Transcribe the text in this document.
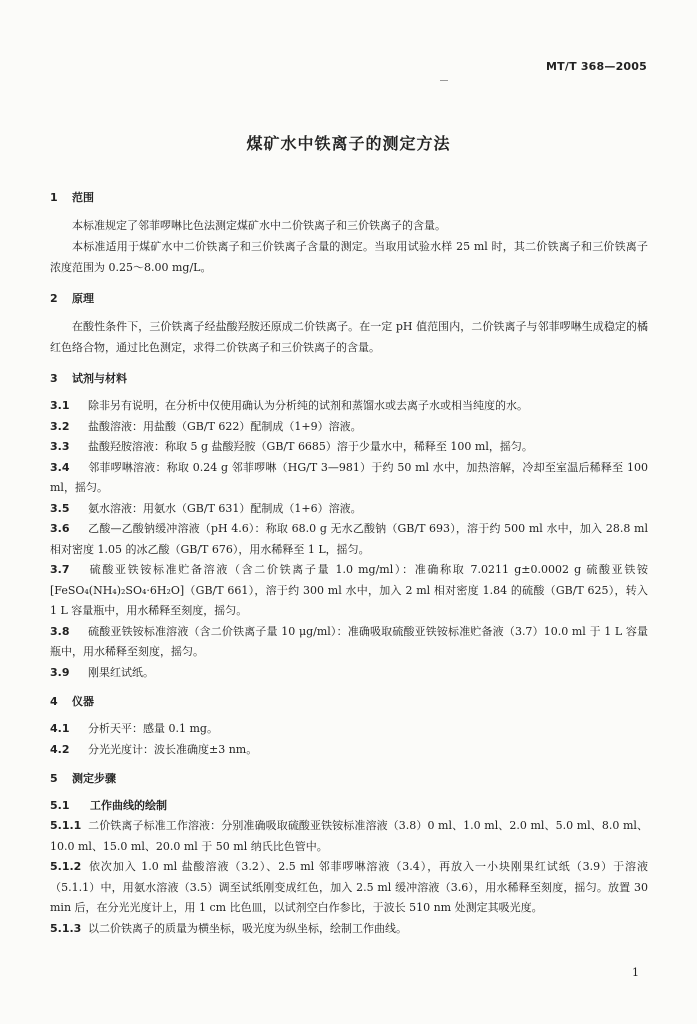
MT/T 368—2005
煤矿水中铁离子的测定方法
1 范围

本标准规定了邻菲啰啉比色法测定煤矿水中二价铁离子和三价铁离子的含量。

本标准适用于煤矿水中二价铁离子和三价铁离子含量的测定。当取用试验水样 25 ml 时，其二价铁离子和三价铁离子浓度范围为 0.25～8.00 mg/L。

2 原理

在酸性条件下，三价铁离子经盐酸羟胺还原成二价铁离子。在一定 pH 值范围内，二价铁离子与邻菲啰啉生成稳定的橘红色络合物，通过比色测定，求得二价铁离子和三价铁离子的含量。

3 试剂与材料

3.1 除非另有说明，在分析中仅使用确认为分析纯的试剂和蒸馏水或去离子水或相当纯度的水。

3.2 盐酸溶液：用盐酸（GB/T 622）配制成（1+9）溶液。

3.3 盐酸羟胺溶液：称取 5 g 盐酸羟胺（GB/T 6685）溶于少量水中，稀释至 100 ml，摇匀。

3.4 邻菲啰啉溶液：称取 0.24 g 邻菲啰啉（HG/T 3—981）于约 50 ml 水中，加热溶解，冷却至室温后稀释至 100 ml，摇匀。

3.5 氨水溶液：用氨水（GB/T 631）配制成（1+6）溶液。

3.6 乙酸—乙酸钠缓冲溶液（pH 4.6）：称取 68.0 g 无水乙酸钠（GB/T 693），溶于约 500 ml 水中，加入 28.8 ml 相对密度 1.05 的冰乙酸（GB/T 676），用水稀释至 1 L，摇匀。

3.7 硫酸亚铁铵标准贮备溶液（含二价铁离子量 1.0 mg/ml）：准确称取 7.0211 g±0.0002 g 硫酸亚铁铵[FeSO₄(NH₄)₂SO₄·6H₂O]（GB/T 661），溶于约 300 ml 水中，加入 2 ml 相对密度 1.84 的硫酸（GB/T 625），转入 1 L 容量瓶中，用水稀释至刻度，摇匀。

3.8 硫酸亚铁铵标准溶液（含二价铁离子量 10 μg/ml）：准确吸取硫酸亚铁铵标准贮备液（3.7）10.0 ml 于 1 L 容量瓶中，用水稀释至刻度，摇匀。

3.9 刚果红试纸。

4 仪器

4.1 分析天平：感量 0.1 mg。

4.2 分光光度计：波长准确度±3 nm。

5 测定步骤
5.1 工作曲线的绘制

5.1.1 二价铁离子标准工作溶液：分别准确吸取硫酸亚铁铵标准溶液（3.8）0 ml、1.0 ml、2.0 ml、5.0 ml、8.0 ml、10.0 ml、15.0 ml、20.0 ml 于 50 ml 纳氏比色管中。

5.1.2 依次加入 1.0 ml 盐酸溶液（3.2）、2.5 ml 邻菲啰啉溶液（3.4），再放入一小块刚果红试纸（3.9）于溶液（5.1.1）中，用氨水溶液（3.5）调至试纸刚变成红色，加入 2.5 ml 缓冲溶液（3.6），用水稀释至刻度，摇匀。放置 30 min 后，在分光光度计上，用 1 cm 比色皿，以试剂空白作参比，于波长 510 nm 处测定其吸光度。

5.1.3 以二价铁离子的质量为横坐标，吸光度为纵坐标，绘制工作曲线。

1
